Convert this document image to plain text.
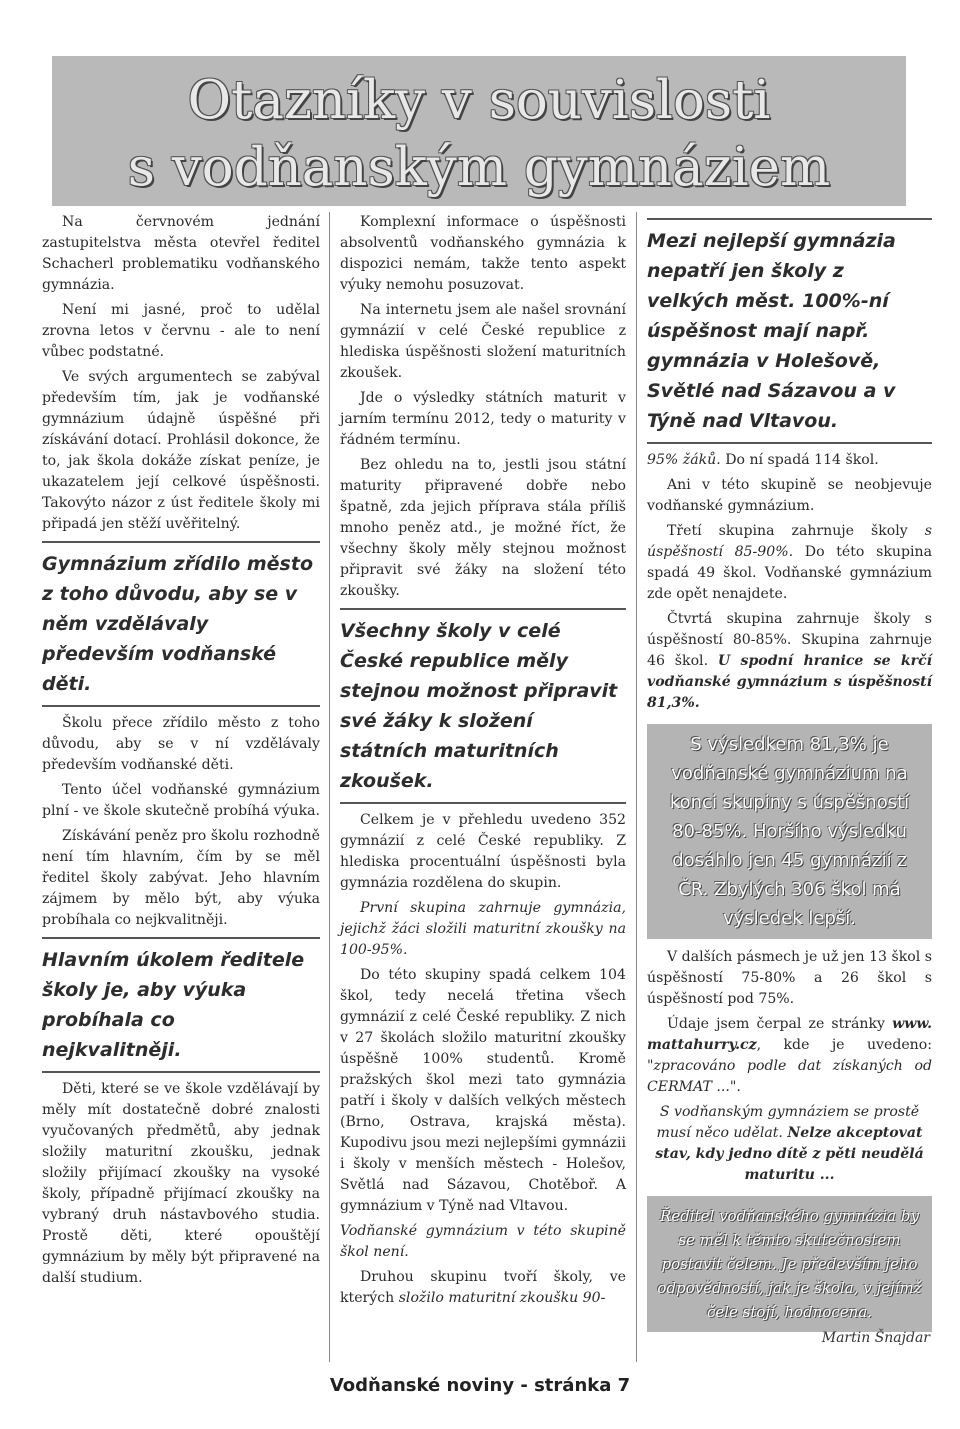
Otazníky v souvislosti
s vodňanským gymnáziem

Na červnovém jednání zastupitelstva města otevřel ředitel Schacherl problematiku vodňanského gymnázia.

Není mi jasné, proč to udělal zrovna letos v červnu - ale to není vůbec podstatné.

Ve svých argumentech se zabýval především tím, jak je vodňanské gymnázium údajně úspěšné při získávání dotací. Prohlásil dokonce, že to, jak škola dokáže získat peníze, je ukazatelem její celkové úspěšnosti. Takovýto názor z úst ředitele školy mi připadá jen stěží uvěřitelný.

Gymnázium zřídilo město z toho důvodu, aby se v něm vzdělávaly především vodňanské děti.

Školu přece zřídilo město z toho důvodu, aby se v ní vzdělávaly především vodňanské děti.

Tento účel vodňanské gymnázium plní - ve škole skutečně probíhá výuka.

Získávání peněz pro školu rozhodně není tím hlavním, čím by se měl ředitel školy zabývat. Jeho hlavním zájmem by mělo být, aby výuka probíhala co nejkvalitněji.

Hlavním úkolem ředitele školy je, aby výuka probíhala co nejkvalitněji.

Děti, které se ve škole vzdělávají by měly mít dostatečně dobré znalosti vyučovaných předmětů, aby jednak složily maturitní zkoušku, jednak složily přijímací zkoušky na vysoké školy, případně přijímací zkoušky na vybraný druh nástavbového studia. Prostě děti, které opouštějí gymnázium by měly být připravené na další studium.

Komplexní informace o úspěšnosti absolventů vodňanského gymnázia k dispozici nemám, takže tento aspekt výuky nemohu posuzovat.

Na internetu jsem ale našel srovnání gymnázií v celé České republice z hlediska úspěšnosti složení maturitních zkoušek.

Jde o výsledky státních maturit v jarním termínu 2012, tedy o maturity v řádném termínu.

Bez ohledu na to, jestli jsou státní maturity připravené dobře nebo špatně, zda jejich příprava stála příliš mnoho peněz atd., je možné říct, že všechny školy měly stejnou možnost připravit své žáky na složení této zkoušky.

Všechny školy v celé České republice měly stejnou možnost připravit své žáky k složení státních maturitních zkoušek.

Celkem je v přehledu uvedeno 352 gymnázií z celé České republiky. Z hlediska procentuální úspěšnosti byla gymnázia rozdělena do skupin.

První skupina zahrnuje gymnázia, jejichž žáci složili maturitní zkoušky na 100-95%.

Do této skupiny spadá celkem 104 škol, tedy necelá třetina všech gymnázií z celé České republiky. Z nich v 27 školách složilo maturitní zkoušky úspěšně 100% studentů. Kromě pražských škol mezi tato gymnázia patří i školy v dalších velkých městech (Brno, Ostrava, krajská města). Kupodivu jsou mezi nejlepšími gymnázii i školy v menších městech - Holešov, Světlá nad Sázavou, Chotěboř. A gymnázium v Týně nad Vltavou.

Vodňanské gymnázium v této skupině škol není.

Druhou skupinu tvoří školy, ve kterých složilo maturitní zkoušku 90-

Mezi nejlepší gymnázia nepatří jen školy z velkých měst. 100%-ní úspěšnost mají např. gymnázia v Holešově, Světlé nad Sázavou a v Týně nad Vltavou.

95% žáků. Do ní spadá 114 škol.

Ani v této skupině se neobjevuje vodňanské gymnázium.

Třetí skupina zahrnuje školy s úspěšností 85-90%. Do této skupina spadá 49 škol. Vodňanské gymnázium zde opět nenajdete.

Čtvrtá skupina zahrnuje školy s úspěšností 80-85%. Skupina zahrnuje 46 škol. U spodní hranice se krčí vodňanské gymnázium s úspěšností 81,3%.

S výsledkem 81,3% je vodňanské gymnázium na konci skupiny s úspěšností 80-85%. Horšího výsledku dosáhlo jen 45 gymnázií z ČR. Zbylých 306 škol má výsledek lepší.

V dalších pásmech je už jen 13 škol s úspěšností 75-80% a 26 škol s úspěšností pod 75%.

Údaje jsem čerpal ze stránky www. mattahurry.cz, kde je uvedeno: "zpracováno podle dat získaných od CERMAT ...".

S vodňanským gymnáziem se prostě musí něco udělat. Nelze akceptovat stav, kdy jedno dítě z pěti neudělá maturitu ...

Ředitel vodňanského gymnázia by se měl k těmto skutečnostem postavit čelem. Je především jeho odpovědností, jak je škola, v jejímž čele stojí, hodnocena.
Martin Šnajdar
Vodňanské noviny - stránka 7
